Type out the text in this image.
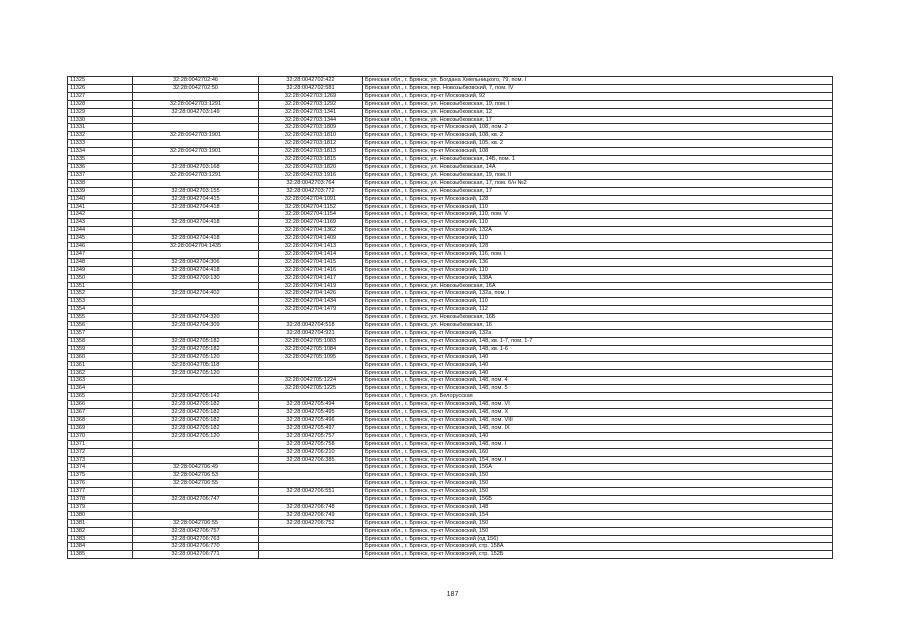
11325	32:28:0042702:46	32:28:0042702:422	Брянская обл., г. Брянск, ул. Богдана Хмельницкого, 79, пом. I
11326	32:28:0042702:50	32:28:0042702:581	Брянская обл., г. Брянск, пер. Новозыбковский, 7, пом. IV
11327		32:28:0042703:1269	Брянская обл., г. Брянск, пр-кт Московский, 92
11328	32:28:0042703:1291	32:28:0042703:1292	Брянская обл., г. Брянск, ул. Новозыбковская, 19, пом. I
11329	32:28:0042703:149	32:28:0042703:1341	Брянская обл., г. Брянск, ул. Новозыбковская, 12
11330		32:28:0042703:1344	Брянская обл., г. Брянск, ул. Новозыбковская, 17
11331		32:28:0042703:1809	Брянская обл., г. Брянск, пр-кт Московский, 108, пом. 2
11332	32:28:0042703:1901	32:28:0042703:1810	Брянская обл., г. Брянск, пр-кт Московский, 108, кв. 2
11333		32:28:0042703:1812	Брянская обл., г. Брянск, пр-кт Московский, 105, кв. 2
11334	32:28:0042703:1901	32:28:0042703:1813	Брянская обл., г. Брянск, пр-кт Московский, 108
11335		32:28:0042703:1815	Брянская обл., г. Брянск, ул. Новозыбковская, 14Б, пом. 1
11336	32:28:0042703:168	32:28:0042703:1820	Брянская обл., г. Брянск, ул. Новозыбковская, 14А
11337	32:28:0042703:1291	32:28:0042703:1916	Брянская обл., г. Брянск, ул. Новозыбковская, 19, пом. II
11338		32:28:0042703:764	Брянская обл., г. Брянск, ул. Новозыбковская, 17, пом. б/н №2
11339	32:28:0042703:155	32:28:0042703:772	Брянская обл., г. Брянск, ул. Новозыбковская, 17
11340	32:28:0042704:415	32:28:0042704:1091	Брянская обл., г. Брянск, пр-кт Московский, 128
11341	32:28:0042704:418	32:28:0042704:1152	Брянская обл., г. Брянск, пр-кт Московский, 110
11342		32:28:0042704:1154	Брянская обл., г. Брянск, пр-кт Московский, 110, пом. V
11343	32:28:0042704:418	32:28:0042704:1169	Брянская обл., г. Брянск, пр-кт Московский, 110
11344		32:28:0042704:1362	Брянская обл., г. Брянск, пр-кт Московский, 132А
11345	32:28:0042704:418	32:28:0042704:1409	Брянская обл., г. Брянск, пр-кт Московский, 110
11346	32:28:0042704:1435	32:28:0042704:1413	Брянская обл., г. Брянск, пр-кт Московский, 128
11347		32:28:0042704:1414	Брянская обл., г. Брянск, пр-кт Московский, 116, пом. I
11348	32:28:0042704:306	32:28:0042704:1415	Брянская обл., г. Брянск, пр-кт Московский, 136
11349	32:28:0042704:418	32:28:0042704:1416	Брянская обл., г. Брянск, пр-кт Московский, 110
11350	32:28:0042709:130	32:28:0042704:1417	Брянская обл., г. Брянск, пр-кт Московский, 138А
11351		32:28:0042704:1419	Брянская обл., г. Брянск, ул. Новозыбковская, 16А
11352	32:28:0042704:402	32:28:0042704:1426	Брянская обл., г. Брянск, пр-кт Московский, 132а, пом. I
11353		32:28:0042704:1434	Брянская обл., г. Брянск, пр-кт Московский, 110
11354		32:28:0042704:1479	Брянская обл., г. Брянск, пр-кт Московский, 112
11355	32:28:0042704:320		Брянская обл., г. Брянск, ул. Новозыбковская, 16Б
11356	32:28:0042704:309	32:28:0042704:518	Брянская обл., г. Брянск, ул. Новозыбковская, 16
11357		32:28:0042704:921	Брянская обл., г. Брянск, пр-кт Московский, 132а
11358	32:28:0042705:182	32:28:0042705:1083	Брянская обл., г. Брянск, пр-кт Московский, 148, кв. 1-7, пом. 1-7
11359	32:28:0042705:182	32:28:0042705:1084	Брянская обл., г. Брянск, пр-кт Московский, 148, кв. 1-6
11360	32:28:0042705:120	32:28:0042705:1095	Брянская обл., г. Брянск, пр-кт Московский, 140
11361	32:28:0042705:118		Брянская обл., г. Брянск, пр-кт Московский, 140
11362	32:28:0042705:120		Брянская обл., г. Брянск, пр-кт Московский, 140
11363		32:28:0042705:1224	Брянская обл., г. Брянск, пр-кт Московский, 148, пом. 4
11364		32:28:0042705:1225	Брянская обл., г. Брянск, пр-кт Московский, 148, пом. 5
11365	32:28:0042705:142		Брянская обл., г. Брянск, ул. Белорусская
11366	32:28:0042705:182	32:28:0042705:494	Брянская обл., г. Брянск, пр-кт Московский, 148, пом. VI
11367	32:28:0042705:182	32:28:0042705:495	Брянская обл., г. Брянск, пр-кт Московский, 148, пом. X
11368	32:28:0042705:182	32:28:0042705:496	Брянская обл., г. Брянск, пр-кт Московский, 148, пом. VIII
11369	32:28:0042705:182	32:28:0042705:497	Брянская обл., г. Брянск, пр-кт Московский, 148, пом. IX
11370	32:28:0042705:120	32:28:0042705:757	Брянская обл., г. Брянск, пр-кт Московский, 140
11371		32:28:0042705:758	Брянская обл., г. Брянск, пр-кт Московский, 148, пом. I
11372		32:28:0042706:210	Брянская обл., г. Брянск, пр-кт Московский, 160
11373		32:28:0042706:385	Брянская обл., г. Брянск, пр-кт Московский, 154, пом. I
11374	32:28:0042706:49		Брянская обл., г. Брянск, пр-кт Московский, 156А
11375	32:28:0042706:53		Брянская обл., г. Брянск, пр-кт Московский, 150
11376	32:28:0042706:55		Брянская обл., г. Брянск, пр-кт Московский, 150
11377		32:28:0042706:551	Брянская обл., г. Брянск, пр-кт Московский, 150
11378	32:28:0042706:747		Брянская обл., г. Брянск, пр-кт Московский, 156Б
11379		32:28:0042706:748	Брянская обл., г. Брянск, пр-кт Московский, 148
11380		32:28:0042706:749	Брянская обл., г. Брянск, пр-кт Московский, 154
11381	32:28:0042706:55	32:28:0042706:752	Брянская обл., г. Брянск, пр-кт Московский, 150
11382	32:28:0042706:757		Брянская обл., г. Брянск, пр-кт Московский, 150
11383	32:28:0042706:763		Брянская обл., г. Брянск, пр-кт Московский (од 156)
11384	32:28:0042706:770		Брянская обл., г. Брянск, пр-кт Московский, стр. 158А
11385	32:28:0042706:771		Брянская обл., г. Брянск, пр-кт Московский, стр. 152Б
187
